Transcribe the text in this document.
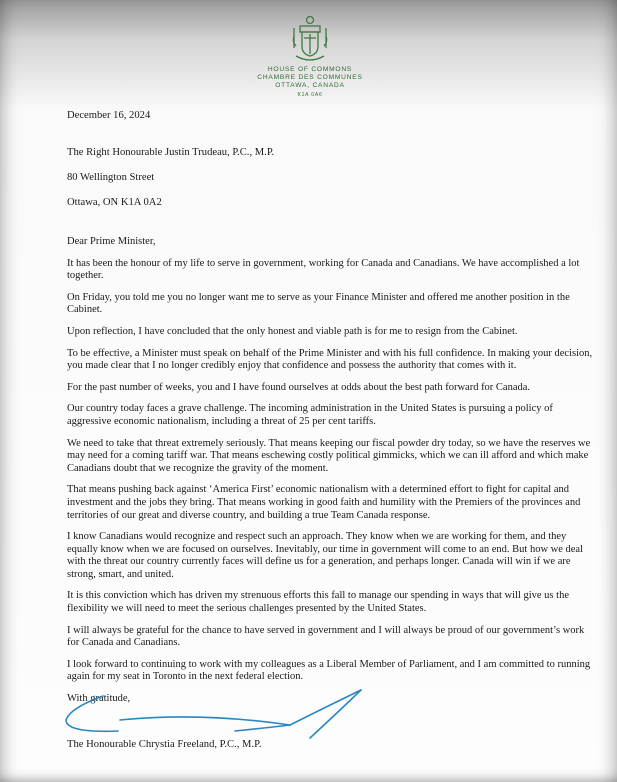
HOUSE OF COMMONS
CHAMBRE DES COMMUNES
OTTAWA, CANADA
K1A 0A6
December 16, 2024
The Right Honourable Justin Trudeau, P.C., M.P.
80 Wellington Street
Ottawa, ON K1A 0A2

Dear Prime Minister,

It has been the honour of my life to serve in government, working for Canada and Canadians. We have accomplished a lot together.

On Friday, you told me you no longer want me to serve as your Finance Minister and offered me another position in the Cabinet.

Upon reflection, I have concluded that the only honest and viable path is for me to resign from the Cabinet.

To be effective, a Minister must speak on behalf of the Prime Minister and with his full confidence. In making your decision, you made clear that I no longer credibly enjoy that confidence and possess the authority that comes with it.

For the past number of weeks, you and I have found ourselves at odds about the best path forward for Canada.

Our country today faces a grave challenge. The incoming administration in the United States is pursuing a policy of aggressive economic nationalism, including a threat of 25 per cent tariffs.

We need to take that threat extremely seriously. That means keeping our fiscal powder dry today, so we have the reserves we may need for a coming tariff war. That means eschewing costly political gimmicks, which we can ill afford and which make Canadians doubt that we recognize the gravity of the moment.

That means pushing back against ‘America First’ economic nationalism with a determined effort to fight for capital and investment and the jobs they bring. That means working in good faith and humility with the Premiers of the provinces and territories of our great and diverse country, and building a true Team Canada response.

I know Canadians would recognize and respect such an approach. They know when we are working for them, and they equally know when we are focused on ourselves. Inevitably, our time in government will come to an end. But how we deal with the threat our country currently faces will define us for a generation, and perhaps longer. Canada will win if we are strong, smart, and united.

It is this conviction which has driven my strenuous efforts this fall to manage our spending in ways that will give us the flexibility we will need to meet the serious challenges presented by the United States.

I will always be grateful for the chance to have served in government and I will always be proud of our government’s work for Canada and Canadians.

I look forward to continuing to work with my colleagues as a Liberal Member of Parliament, and I am committed to running again for my seat in Toronto in the next federal election.

With gratitude,

The Honourable Chrystia Freeland, P.C., M.P.
